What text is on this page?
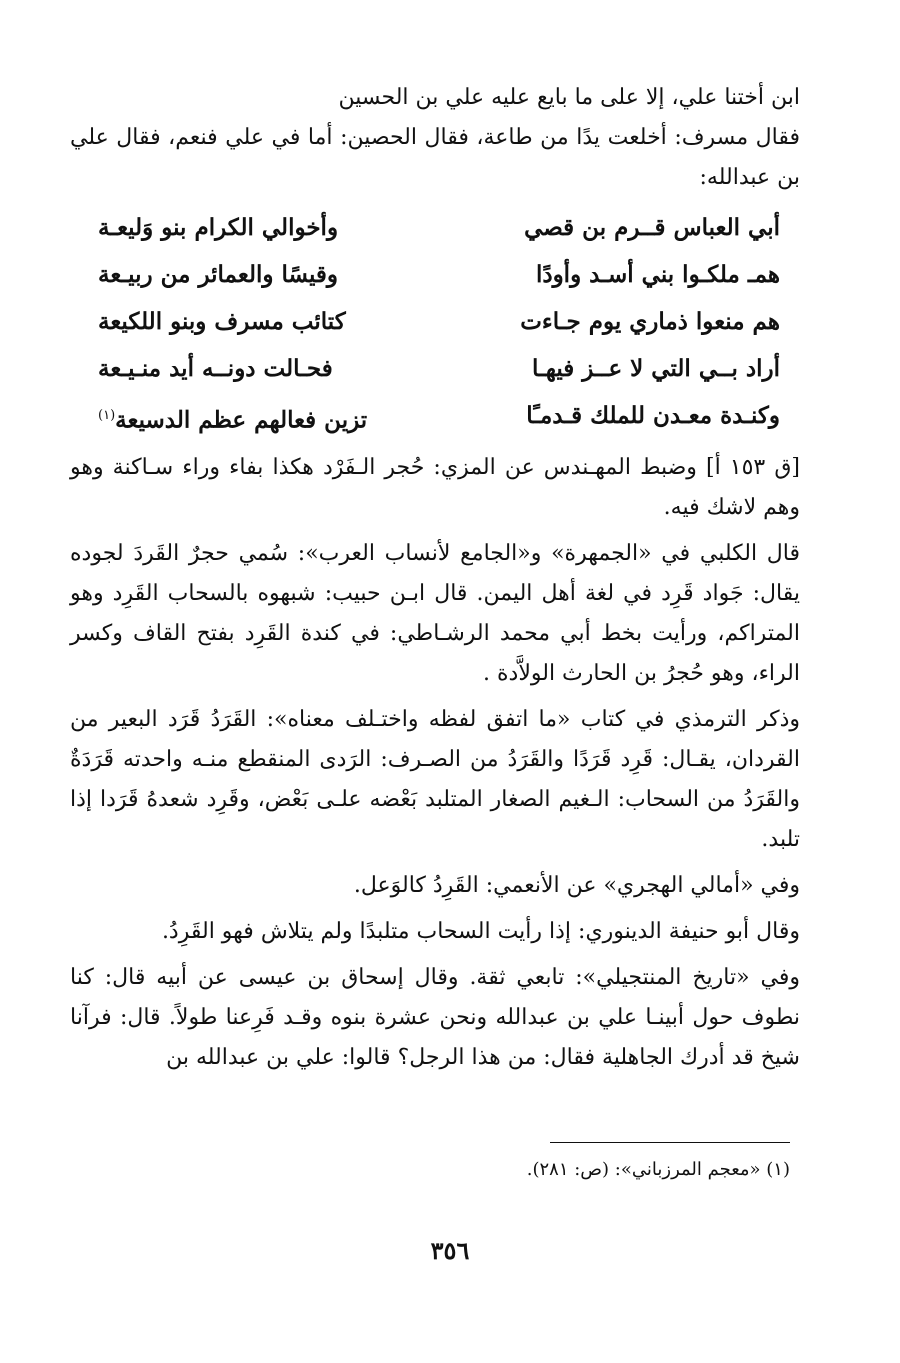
ابن أختنا علي، إلا على ما بايع عليه علي بن الحسين

فقال مسرف: أخلعت يدًا من طاعة، فقال الحصين: أما في علي فنعم، فقال علي بن عبدالله:

أبي العباس قــرم بن قصي
وأخوالي الكرام بنو وَليعـة
همـ ملكـوا بني أسـد وأودًا
وقيسًا والعمائر من ربيـعة
هم منعوا ذماري يوم جـاءت
كتائب مسرف وبنو اللكيعة
أراد بــي التي لا عــز فيهـا
فحـالت دونــه أيد منـيـعة
وكنـدة معـدن للملك قـدمـًا
تزين فعالهم عظم الدسيعة$^{(١)}$

[ق ١٥٣ أ] وضبط المهـندس عن المزي: حُجر الـفَرْد هكذا بفاء وراء سـاكنة وهو وهم لاشك فيه.

قال الكلبي في «الجمهرة» و«الجامع لأنساب العرب»: سُمي حجرٌ القَردَ لجوده يقال: جَواد قَرِد في لغة أهل اليمن. قال ابـن حبيب: شبهوه بالسحاب القَرِد وهو المتراكم، ورأيت بخط أبي محمد الرشـاطي: في كندة القَرِد بفتح القاف وكسر الراء، وهو حُجرُ بن الحارث الولاَّدة .

وذكر الترمذي في كتاب «ما اتفق لفظه واختـلف معناه»: القَرَدُ قَرَد البعير من القردان، يقـال: قَرِد قَرَدًا والقَرَدُ من الصـرف: الرَدى المنقطع منـه واحدته قَرَدَةٌ والقَرَدُ من السحاب: الـغيم الصغار المتلبد بَعْضه علـى بَعْض، وقَرِد شعدهُ قَرَدا إذا تلبد.

وفي «أمالي الهجري» عن الأنعمي: القَرِدُ كالوَعل.

وقال أبو حنيفة الدينوري: إذا رأيت السحاب متلبدًا ولم يتلاش فهو القَرِدُ.

وفي «تاريخ المنتجيلي»: تابعي ثقة. وقال إسحاق بن عيسى عن أبيه قال: كنا نطوف حول أبينـا علي بن عبدالله ونحن عشرة بنوه وقـد فَرِعنا طولاً. قال: فرآنا شيخ قد أدرك الجاهلية فقال: من هذا الرجل؟ قالوا: علي بن عبدالله بن

(١) «معجم المرزباني»: (ص: ٢٨١).
٣٥٦
